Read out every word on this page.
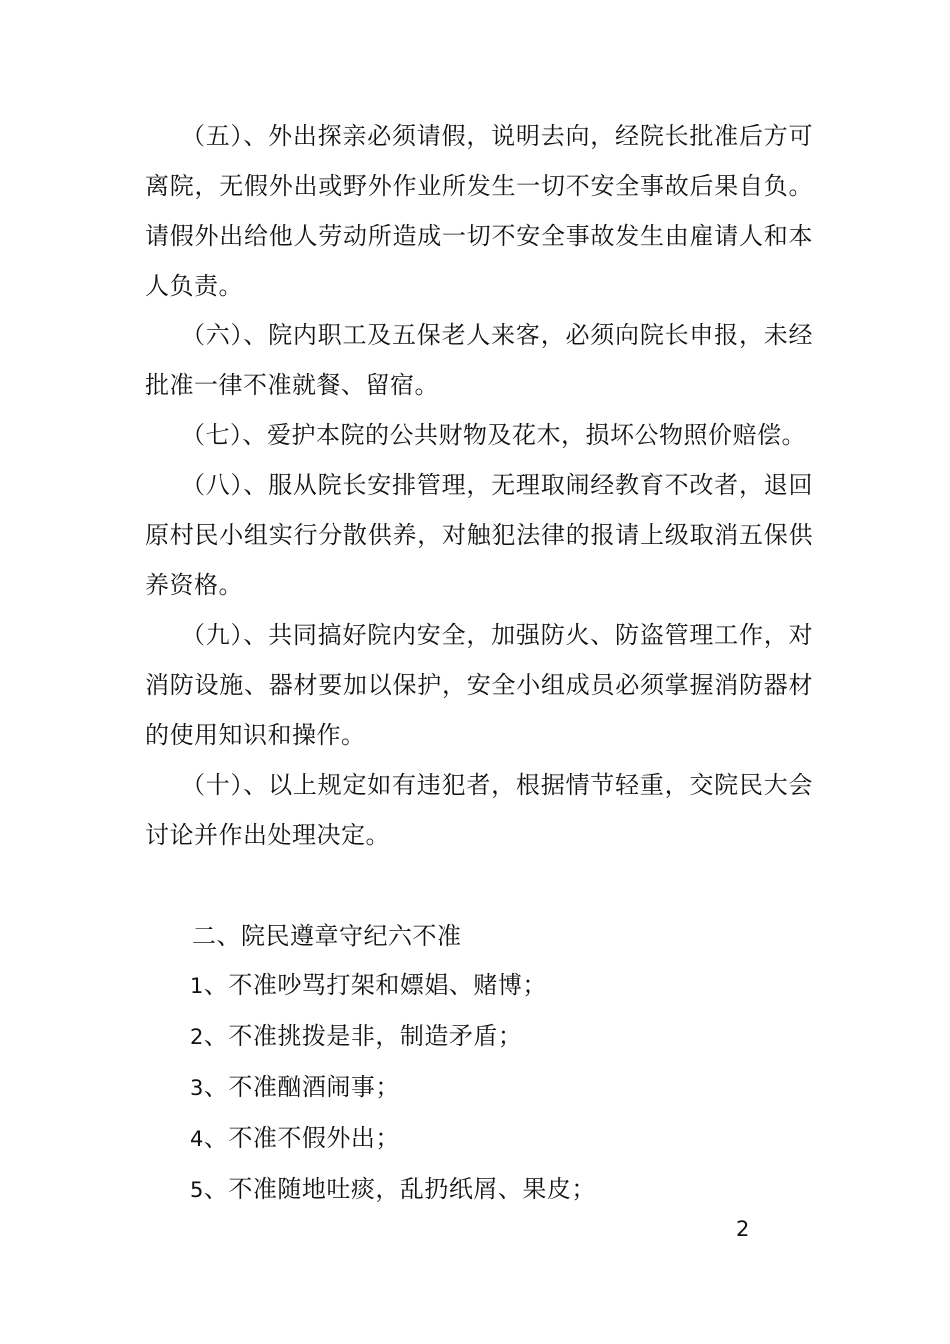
（五）、外出探亲必须请假，说明去向，经院长批准后方可离院，无假外出或野外作业所发生一切不安全事故后果自负。请假外出给他人劳动所造成一切不安全事故发生由雇请人和本人负责。

（六）、院内职工及五保老人来客，必须向院长申报，未经批准一律不准就餐、留宿。

（七）、爱护本院的公共财物及花木，损坏公物照价赔偿。

（八）、服从院长安排管理，无理取闹经教育不改者，退回原村民小组实行分散供养，对触犯法律的报请上级取消五保供养资格。

（九）、共同搞好院内安全，加强防火、防盗管理工作，对消防设施、器材要加以保护，安全小组成员必须掌握消防器材的使用知识和操作。

（十）、以上规定如有违犯者，根据情节轻重，交院民大会讨论并作出处理决定。

二、院民遵章守纪六不准
1、不准吵骂打架和嫖娼、赌博；
2、不准挑拨是非，制造矛盾；
3、不准酗酒闹事；
4、不准不假外出；
5、不准随地吐痰，乱扔纸屑、果皮；
2
